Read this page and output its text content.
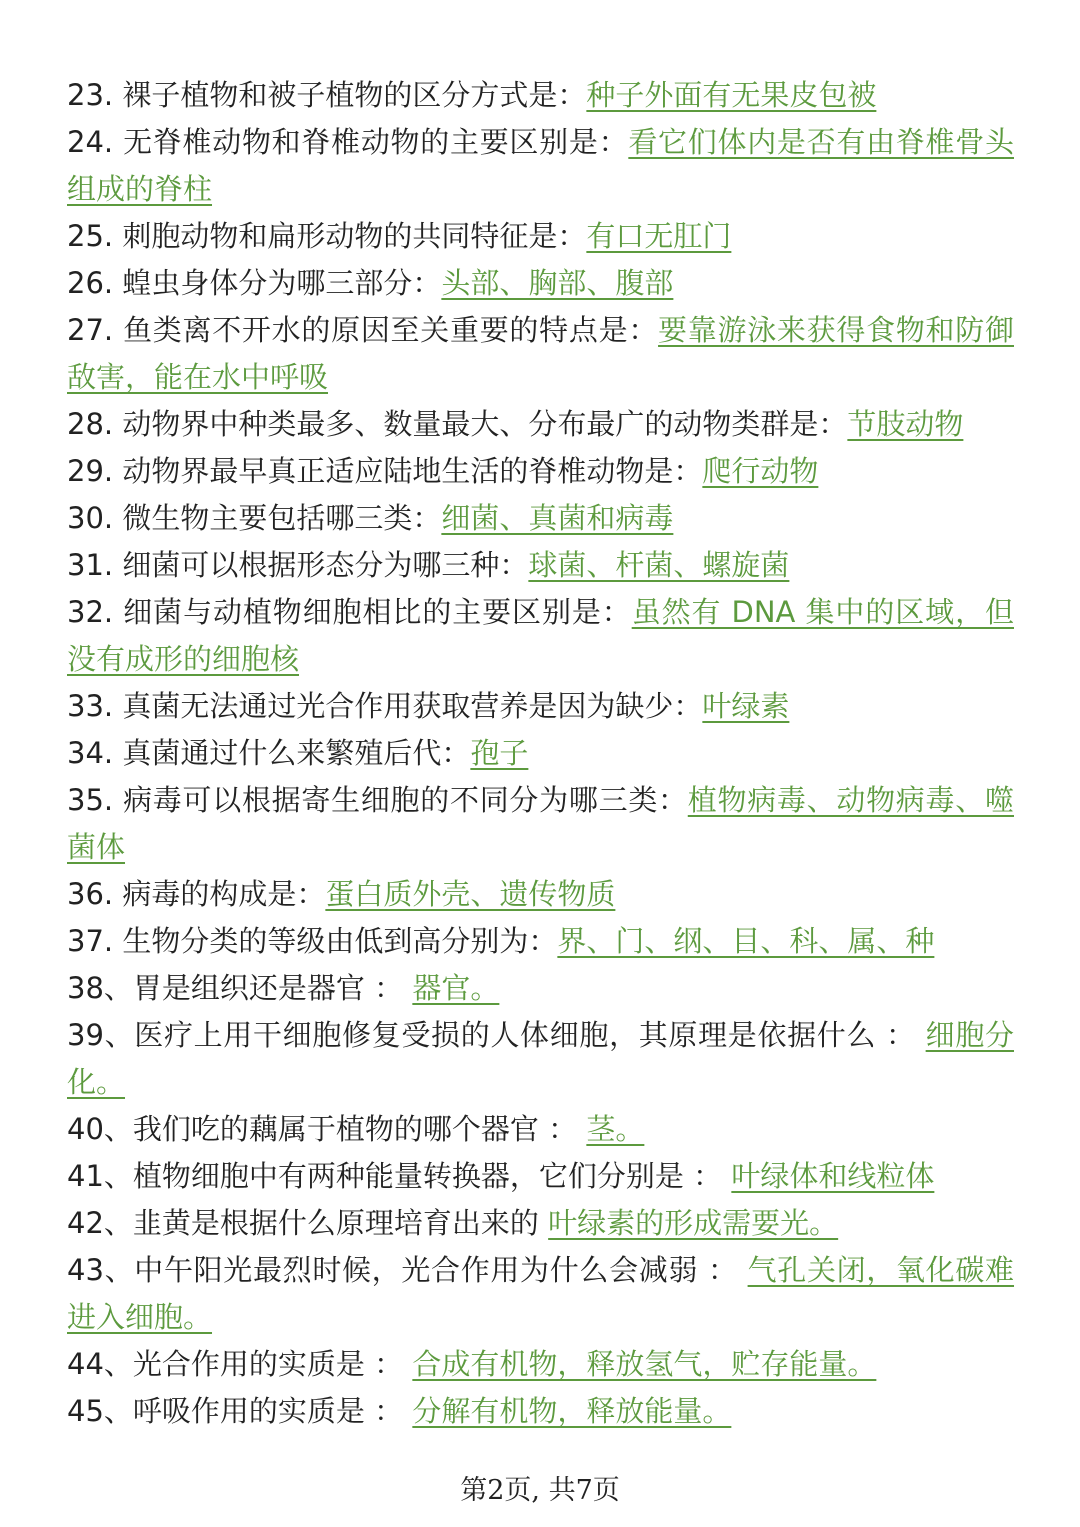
23. 裸子植物和被子植物的区分方式是：种子外面有无果皮包被
24. 无脊椎动物和脊椎动物的主要区别是：看它们体内是否有由脊椎骨头组成的脊柱
25. 刺胞动物和扁形动物的共同特征是：有口无肛门
26. 蝗虫身体分为哪三部分：头部、胸部、腹部
27. 鱼类离不开水的原因至关重要的特点是：要靠游泳来获得食物和防御敌害，能在水中呼吸
28. 动物界中种类最多、数量最大、分布最广的动物类群是：节肢动物
29. 动物界最早真正适应陆地生活的脊椎动物是：爬行动物
30. 微生物主要包括哪三类：细菌、真菌和病毒
31. 细菌可以根据形态分为哪三种：球菌、杆菌、螺旋菌
32. 细菌与动植物细胞相比的主要区别是：虽然有 DNA 集中的区域，但没有成形的细胞核
33. 真菌无法通过光合作用获取营养是因为缺少：叶绿素
34. 真菌通过什么来繁殖后代：孢子
35. 病毒可以根据寄生细胞的不同分为哪三类：植物病毒、动物病毒、噬菌体
36. 病毒的构成是：蛋白质外壳、遗传物质
37. 生物分类的等级由低到高分别为：界、门、纲、目、科、属、种
38、胃是组织还是器官 ： 器官。
39、医疗上用干细胞修复受损的人体细胞，其原理是依据什么 ： 细胞分化。
40、我们吃的藕属于植物的哪个器官 ： 茎。
41、植物细胞中有两种能量转换器，它们分别是 ： 叶绿体和线粒体
42、韭黄是根据什么原理培育出来的 叶绿素的形成需要光。
43、中午阳光最烈时候，光合作用为什么会减弱 ： 气孔关闭，氧化碳难进入细胞。
44、光合作用的实质是 ： 合成有机物，释放氢气，贮存能量。
45、呼吸作用的实质是 ： 分解有机物，释放能量。
第2页, 共7页
